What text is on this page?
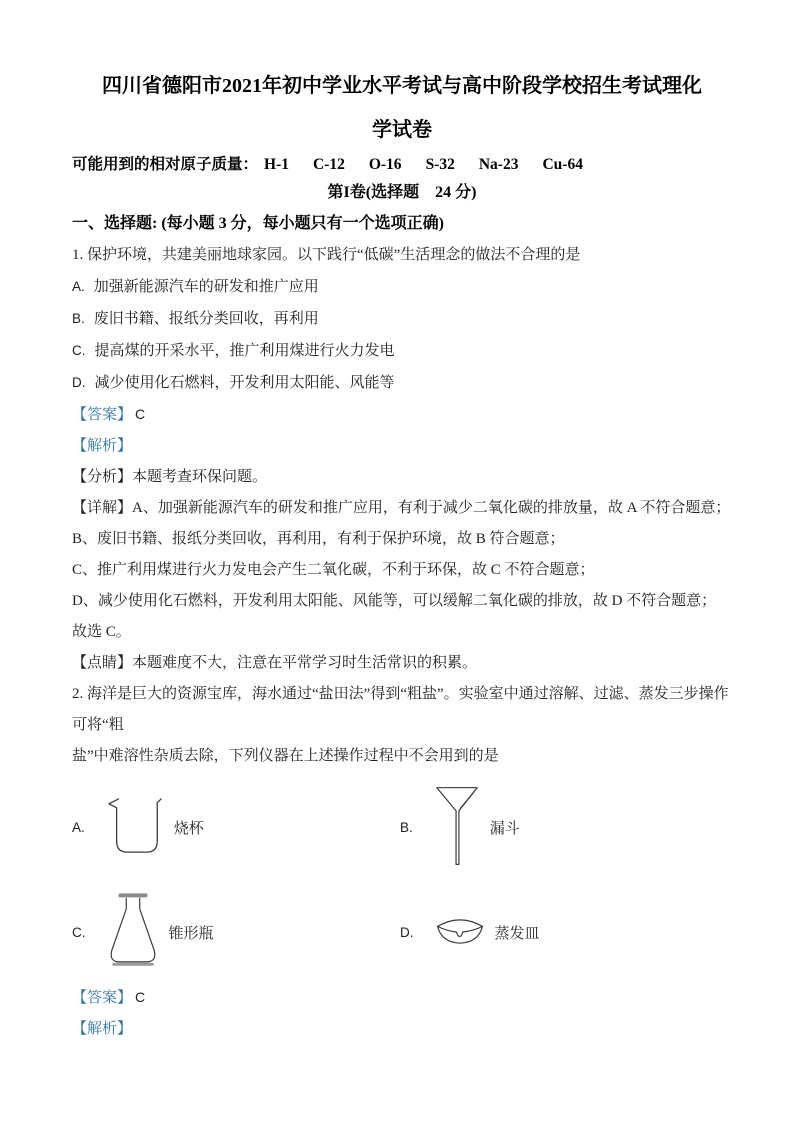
四川省德阳市2021年初中学业水平考试与高中阶段学校招生考试理化
学试卷
可能用到的相对原子质量： H-1 C-12 O-16 S-32 Na-23 Cu-64
第I卷(选择题　24 分)
一、选择题: (每小题 3 分，每小题只有一个选项正确)

1. 保护环境，共建美丽地球家园。以下践行“低碳”生活理念的做法不合理的是

A. 加强新能源汽车的研发和推广应用

B. 废旧书籍、报纸分类回收，再利用

C. 提高煤的开采水平，推广利用煤进行火力发电

D. 减少使用化石燃料，开发利用太阳能、风能等

【答案】 C

【解析】

【分析】本题考查环保问题。

【详解】A、加强新能源汽车的研发和推广应用，有利于减少二氧化碳的排放量，故 A 不符合题意；

B、废旧书籍、报纸分类回收，再利用，有利于保护环境，故 B 符合题意；

C、推广利用煤进行火力发电会产生二氧化碳，不利于环保，故 C 不符合题意；

D、减少使用化石燃料，开发利用太阳能、风能等，可以缓解二氧化碳的排放，故 D 不符合题意；

故选 C。

【点睛】本题难度不大，注意在平常学习时生活常识的积累。

2. 海洋是巨大的资源宝库，海水通过“盐田法”得到“粗盐”。实验室中通过溶解、过滤、蒸发三步操作可将“粗

盐”中难溶性杂质去除，下列仪器在上述操作过程中不会用到的是

A.	烧杯	B.	漏斗
C.	锥形瓶	D.	蒸发皿

【答案】 C

【解析】
